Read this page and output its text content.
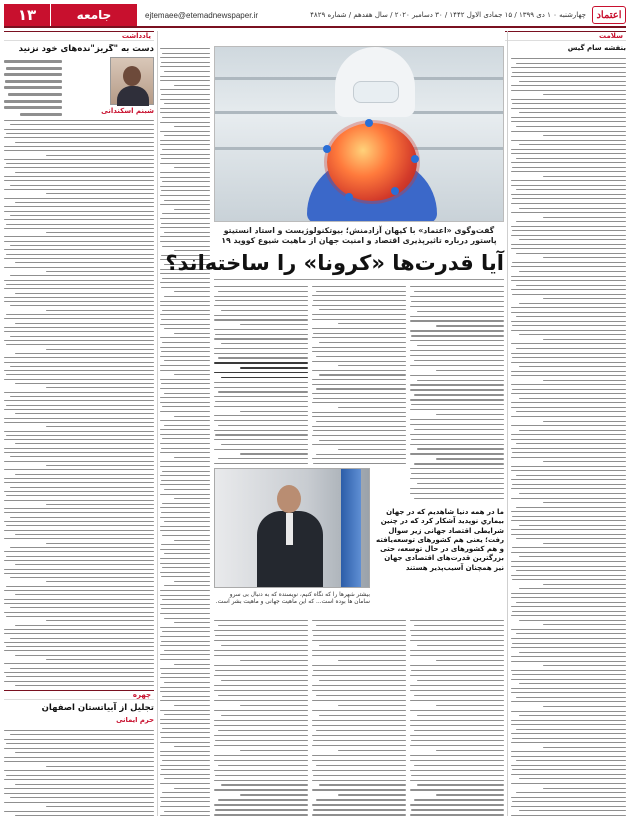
۱۳	جامعه	ejtemaee@etemadnewspaper.ir	چهارشنبه ۰ ۱ دی ۱۳۹۹ / ۱۵ جمادی الاول ۱۴۴۲ / ۳۰ دسامبر ۲۰۲۰ / سال هفدهم / شماره ۴۸۲۹	اعتماد
یادداشت	سلامت
چهره
دست به "گریز"نده‌های خود نزنید
شبنم اسکندانی
تجلیل از آبیاتستان اصفهان
حرم ایمانی
گفت‌وگوی «اعتماد» با کیهان آزادمنش؛ بیوتکنولوژیست و استاد انستیتو پاستور درباره تاثیرپذیری اقتصاد و امنیت جهان از ماهیت شیوع کووید ۱۹
آیا قدرت‌ها «کرونا» را ساخته‌اند؟
بیشتر شهرها را که نگاه کنیم، نویسنده که به دنبال بی سرو سامان ها بوده است... که این ماهیت جهانی و ماهیت بشر است.
ما در همه‌ دنیا شاهدیم که در جهان بیماریِ نوپدید آشکار کرد که در چنین شرایطی اقتصاد جهانی زیر سوال رفت؛ یعنی هم کشورهای توسعه‌یافته و هم کشورهای در حال توسعه، حتی بزرگترین قدرت‌های اقتصادی جهان نیز همچنان آسیب‌پذیر هستند
بنفشه سام گیس
